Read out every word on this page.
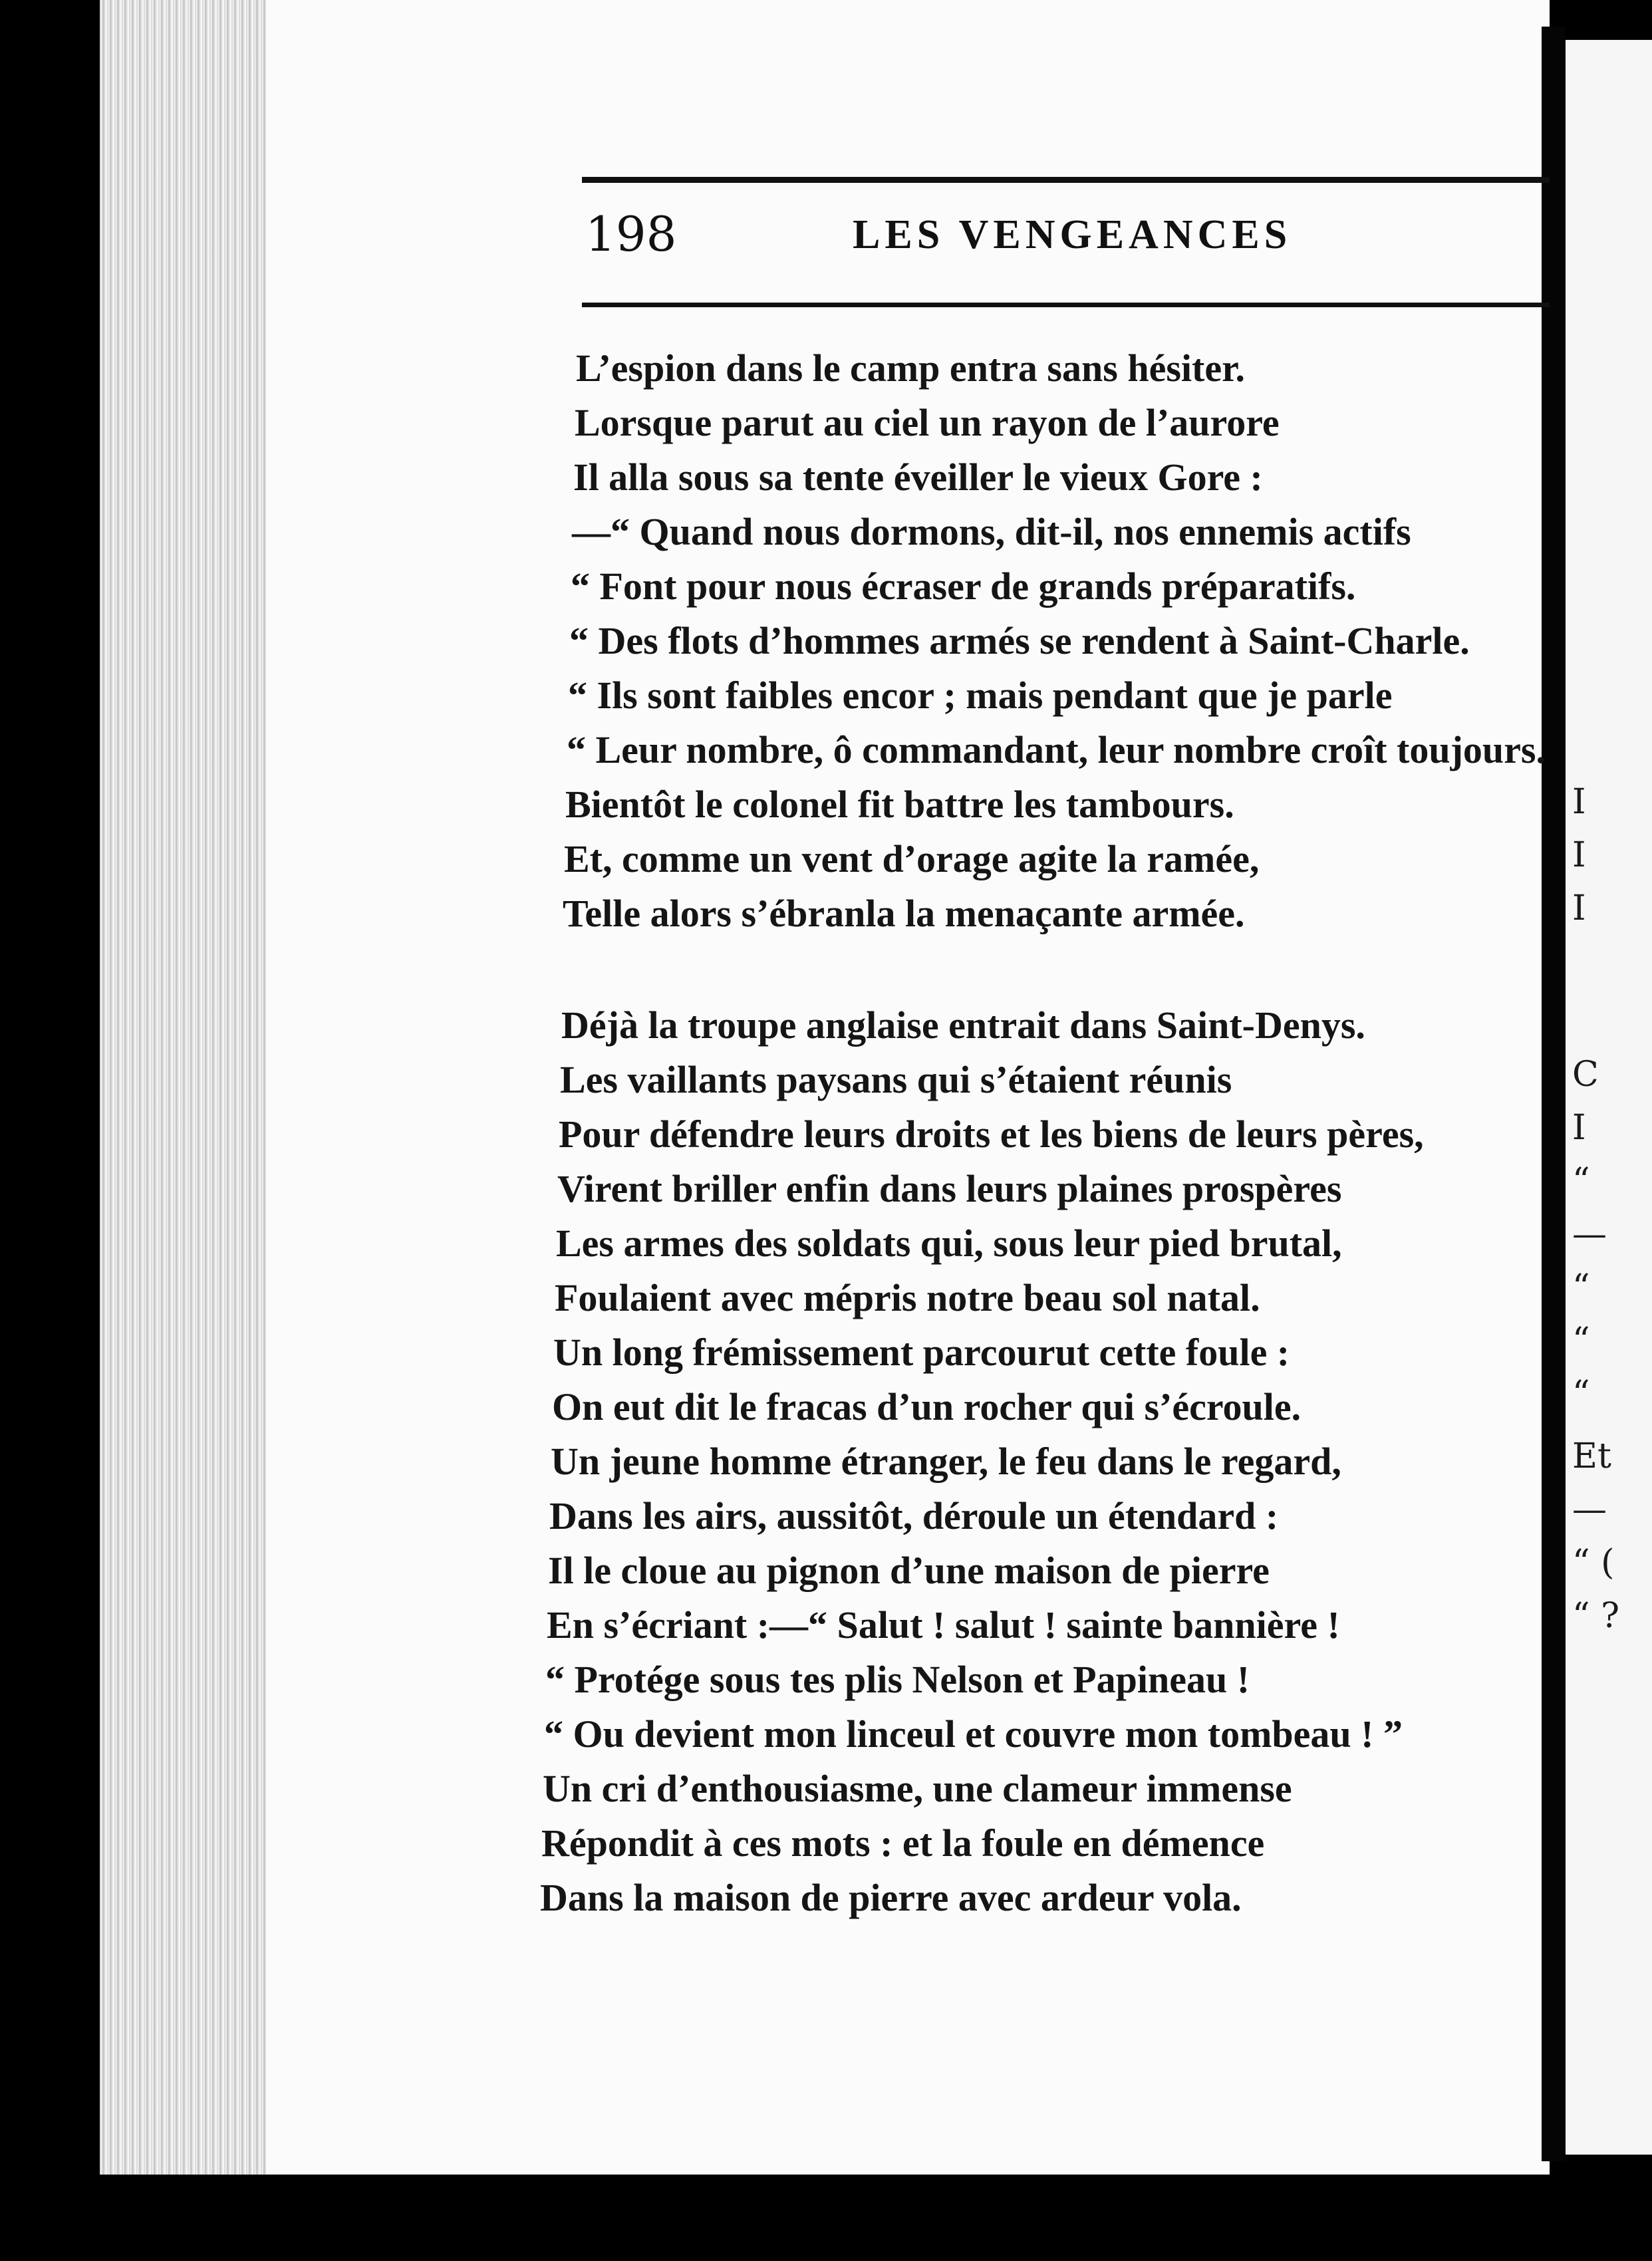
I
I
I
C
I
“
—
“
“
“
Et
—
“ (
“ ?
198	LES VENGEANCES

L’espion dans le camp entra sans hésiter.

Lorsque parut au ciel un rayon de l’aurore

Il alla sous sa tente éveiller le vieux Gore :

—“ Quand nous dormons, dit-il, nos ennemis actifs

“ Font pour nous écraser de grands préparatifs.

“ Des flots d’hommes armés se rendent à Saint-Charle.

“ Ils sont faibles encor ; mais pendant que je parle

“ Leur nombre, ô commandant, leur nombre croît toujours.

Bientôt le colonel fit battre les tambours.

Et, comme un vent d’orage agite la ramée,

Telle alors s’ébranla la menaçante armée.

Déjà la troupe anglaise entrait dans Saint-Denys.

Les vaillants paysans qui s’étaient réunis

Pour défendre leurs droits et les biens de leurs pères,

Virent briller enfin dans leurs plaines prospères

Les armes des soldats qui, sous leur pied brutal,

Foulaient avec mépris notre beau sol natal.

Un long frémissement parcourut cette foule :

On eut dit le fracas d’un rocher qui s’écroule.

Un jeune homme étranger, le feu dans le regard,

Dans les airs, aussitôt, déroule un étendard :

Il le cloue au pignon d’une maison de pierre

En s’écriant :—“ Salut ! salut ! sainte bannière !

“ Protége sous tes plis Nelson et Papineau !

“ Ou devient mon linceul et couvre mon tombeau ! ”

Un cri d’enthousiasme, une clameur immense

Répondit à ces mots : et la foule en démence

Dans la maison de pierre avec ardeur vola.
